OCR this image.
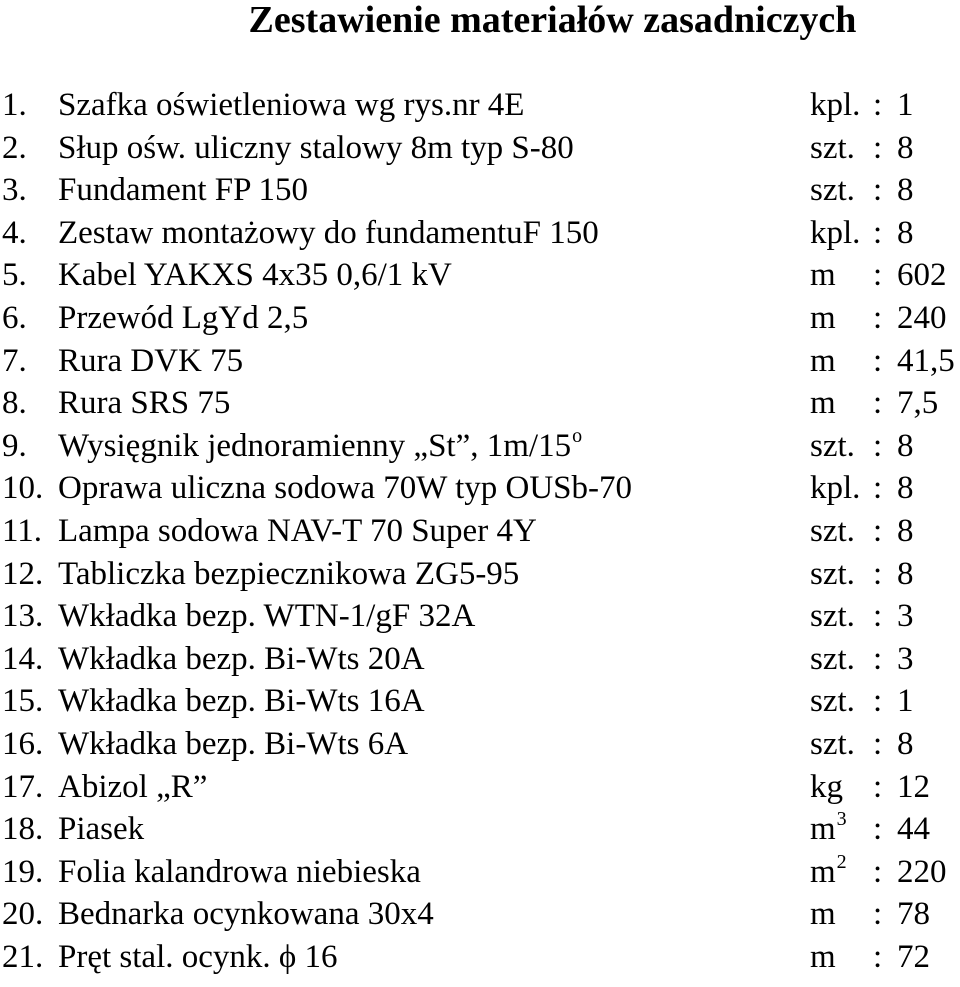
Zestawienie materiałów zasadniczych
1. Szafka oświetleniowa wg rys.nr 4E	kpl. : 1
2. Słup ośw. uliczny stalowy 8m typ S-80	szt. : 8
3. Fundament FP 150	szt. : 8
4. Zestaw montażowy do fundamentuF 150	kpl. : 8
5. Kabel YAKXS 4x35 0,6/1 kV	m : 602
6. Przewód LgYd 2,5	m : 240
7. Rura DVK 75	m : 41,5
8. Rura SRS 75	m : 7,5
9. Wysięgnik jednoramienny „St”, 1m/15$^o$	szt. : 8
10. Oprawa uliczna sodowa 70W typ OUSb-70	kpl. : 8
11. Lampa sodowa NAV-T 70 Super 4Y	szt. : 8
12. Tabliczka bezpiecznikowa ZG5-95	szt. : 8
13. Wkładka bezp. WTN-1/gF 32A	szt. : 3
14. Wkładka bezp. Bi-Wts 20A	szt. : 3
15. Wkładka bezp. Bi-Wts 16A	szt. : 1
16. Wkładka bezp. Bi-Wts 6A	szt. : 8
17. Abizol „R”	kg : 12
18. Piasek	$m^3$ : 44
19. Folia kalandrowa niebieska	$m^2$ : 220
20. Bednarka ocynkowana 30x4	m : 78
21. Pręt stal. ocynk. ϕ 16	m : 72
